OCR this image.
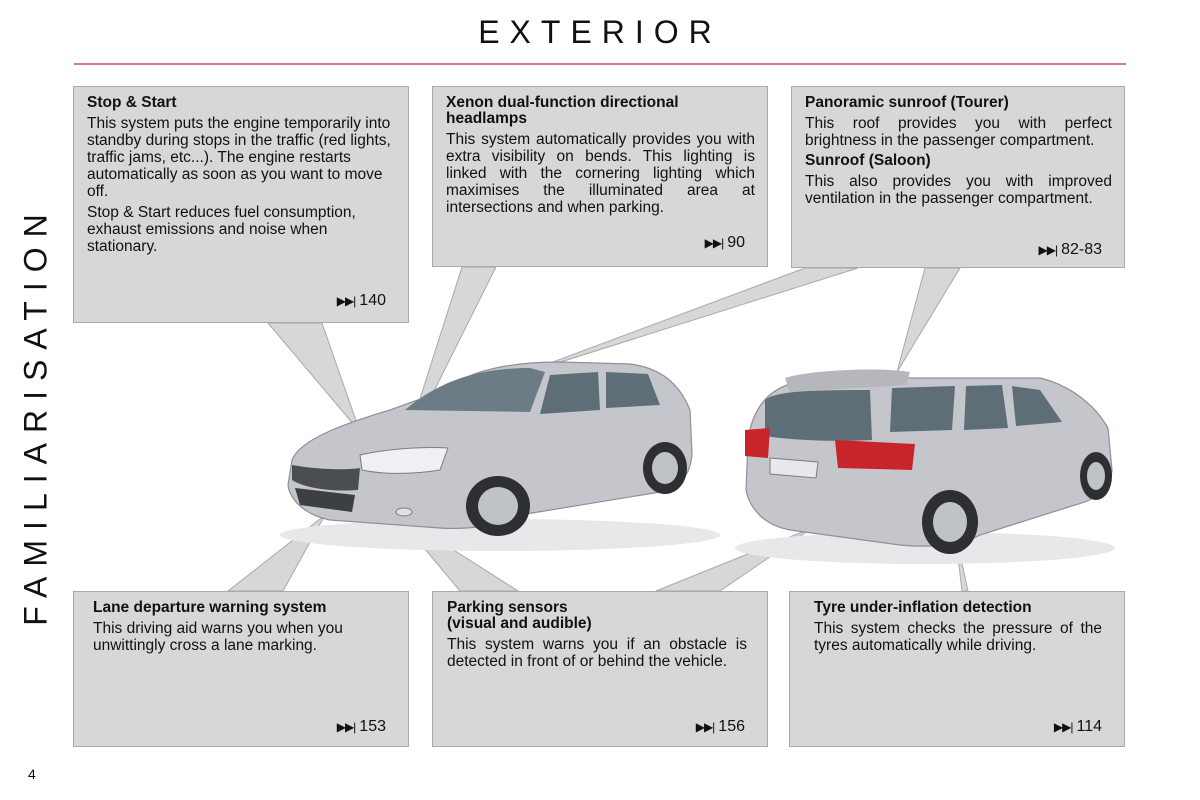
EXTERIOR
FAMILIARISATION
4
Stop & Start

This system puts the engine temporarily into standby during stops in the traffic (red lights, traffic jams, etc...). The engine restarts automatically as soon as you want to move off.

Stop & Start reduces fuel consumption, exhaust emissions and noise when stationary.

▶▶| 140
Xenon dual-function directional headlamps

This system automatically provides you with extra visibility on bends. This lighting is linked with the cornering lighting which maximises the illuminated area at intersections and when parking.

▶▶| 90
Panoramic sunroof (Tourer)

This roof provides you with perfect brightness in the passenger compartment.

Sunroof (Saloon)

This also provides you with improved ventilation in the passenger compartment.

▶▶| 82-83
Lane departure warning system

This driving aid warns you when you unwittingly cross a lane marking.

▶▶| 153
Parking sensors (visual and audible)

This system warns you if an obstacle is detected in front of or behind the vehicle.

▶▶| 156
Tyre under-inflation detection

This system checks the pressure of the tyres automatically while driving.

▶▶| 114
